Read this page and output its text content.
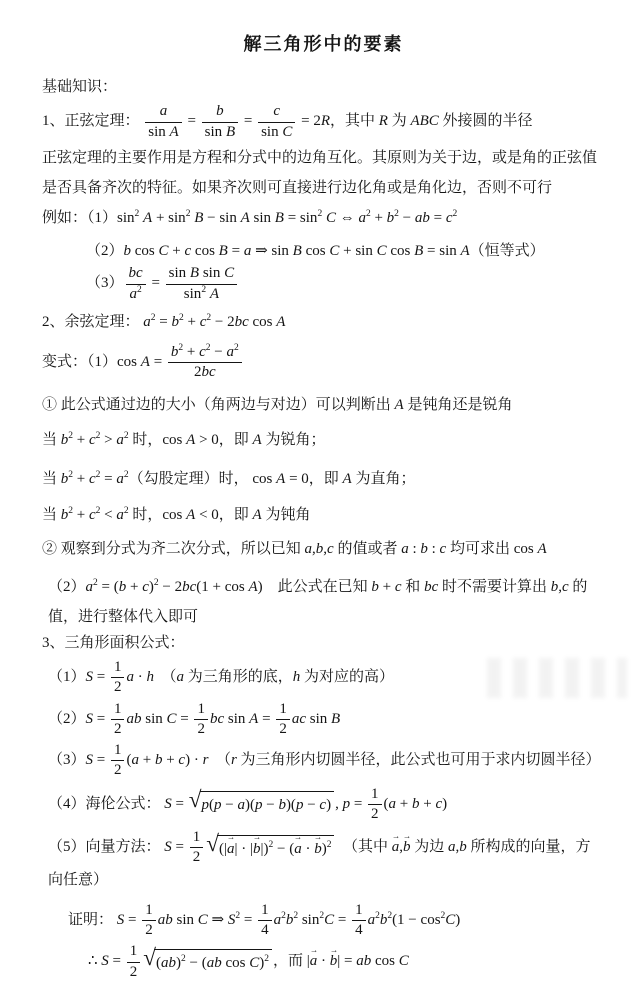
解三角形中的要素
基础知识：
1、正弦定理： $\frac{a}{\text{sin A}} = \frac{b}{\text{sin B}} = \frac{c}{\text{sin C}} = 2R$，其中 R 为 ABC 外接圆的半径
正弦定理的主要作用是方程和分式中的边角互化。其原则为关于边，或是角的正弦值是否具备齐次的特征。如果齐次则可直接进行边化角或是角化边，否则不可行
例如：$(1)\sin^2$ $A + \sin^2 B - \sin A$ $\sin B = \sin^2 C$ ⇔ $a^2 + b^2$ − ab = $c^2$
（2）b cos C + c cos B = a ⇒ sin B cos C + sin C cos B = sin A（恒等式）
$(3) \frac{bc}{a^2} = \frac{\text{sin B sin C}}{\sin^2 A}$
2、余弦定理： $a^2 = b^2 + c^2 - 2bc$ cos A
变式：（1）cos $A = \frac{b^2 + c^2 - a^2}{2bc}$
① 此公式通过边的大小（角两边与对边）可以判断出 A 是钝角还是锐角
当 $b^2 + c^2 > a^2$ 时，cos A > 0，即 A 为锐角；
当 $b^2 + c^2 = a^2$（勾股定理）时， cos A = 0，即 A 为直角；
当 $b^2 + c^2 < a^2$ 时，cos A < 0，即 A 为钝角
② 观察到分式为齐二次分式，所以已知 a,b,c 的值或者 a : b : c 均可求出 cos A
$(2)a^2 = (b + c)^2 - 2bc(1 + \cos A)$　此公式在已知 b + c 和 bc 时不需要计算出 b,c 的值，进行整体代入即可
3、三角形面积公式：
$(1)S = \frac{1}{2}$ a · h　（a 为三角形的底，h 为对应的高）
$(2)S = \frac{1}{2}$ ab $\sin C = \frac{1}{2}$ bc $\sin A = \frac{1}{2}$ ac sin B
$(3)S = \frac{1}{2} (a + b + c) \cdot r$　（r 为三角形内切圆半径，此公式也可用于求内切圆半径）
（4）海伦公式： S = √ p(p − a)(p − b)(p − c) , $p = \frac{1}{2} (a + b + c)$
（5）向量方法： $S = \frac{1}{2}$ √ (|a →| · |b →|)$^2$ − (a → · b →)$^2$ 　（其中 a →,b → 为边 a,b 所构成的向量，方向任意）
证明： $S = \frac{1}{2}$ ab sin C ⇒ $S^2 = \frac{1}{4} a^2b^2$ $\sin^2C = \frac{1}{4} a^2b^2(1 - \cos^2C)$
∴ $S = \frac{1}{2}$ √ (ab)$^2$ − (ab cos C)$^2$ ，而 |a → · b →| = ab cos C
